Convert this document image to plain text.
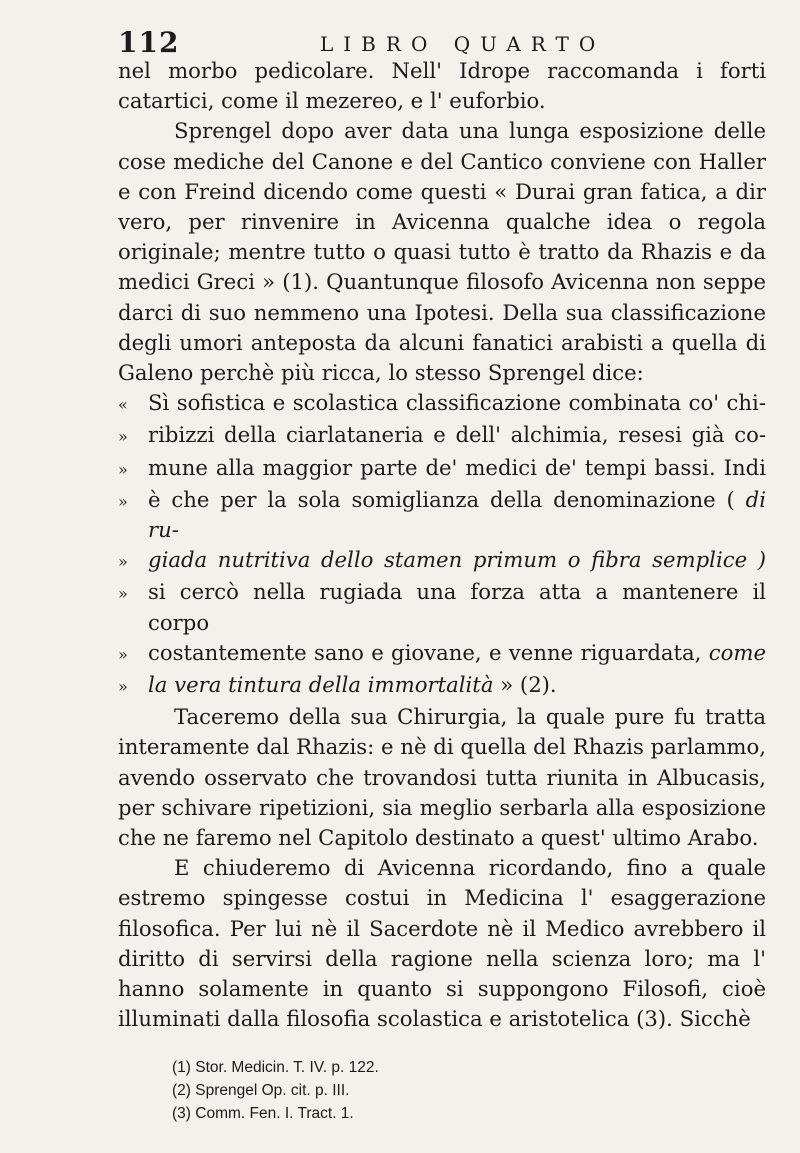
112	LIBRO QUARTO

nel morbo pedicolare. Nell' Idrope raccomanda i forti catartici, come il mezereo, e l' euforbio.

Sprengel dopo aver data una lunga esposizione delle cose mediche del Canone e del Cantico conviene con Haller e con Freind dicendo come questi « Durai gran fatica, a dir vero, per rinvenire in Avicenna qualche idea o regola originale; mentre tutto o quasi tutto è tratto da Rhazis e da medici Greci » (1). Quantunque filosofo Avicenna non seppe darci di suo nemmeno una Ipotesi. Della sua classificazione degli umori anteposta da alcuni fanatici arabisti a quella di Galeno perchè più ricca, lo stesso Sprengel dice:

« Sì sofistica e scolastica classificazione combinata co' chi-
» ribizzi della ciarlataneria e dell' alchimia, resesi già co-
» mune alla maggior parte de' medici de' tempi bassi. Indi
» è che per la sola somiglianza della denominazione ( di ru-
» giada nutritiva dello stamen primum o fibra semplice )
» si cercò nella rugiada una forza atta a mantenere il corpo
» costantemente sano e giovane, e venne riguardata, come
» la vera tintura della immortalità » (2).

Taceremo della sua Chirurgia, la quale pure fu tratta interamente dal Rhazis: e nè di quella del Rhazis parlammo, avendo osservato che trovandosi tutta riunita in Albucasis, per schivare ripetizioni, sia meglio serbarla alla esposizione che ne faremo nel Capitolo destinato a quest' ultimo Arabo.

E chiuderemo di Avicenna ricordando, fino a quale estremo spingesse costui in Medicina l' esaggerazione filosofica. Per lui nè il Sacerdote nè il Medico avrebbero il diritto di servirsi della ragione nella scienza loro; ma l' hanno solamente in quanto si suppongono Filosofi, cioè illuminati dalla filosofia scolastica e aristotelica (3). Sicchè

(1) Stor. Medicin. T. IV. p. 122.
(2) Sprengel Op. cit. p. III.
(3) Comm. Fen. I. Tract. 1.
